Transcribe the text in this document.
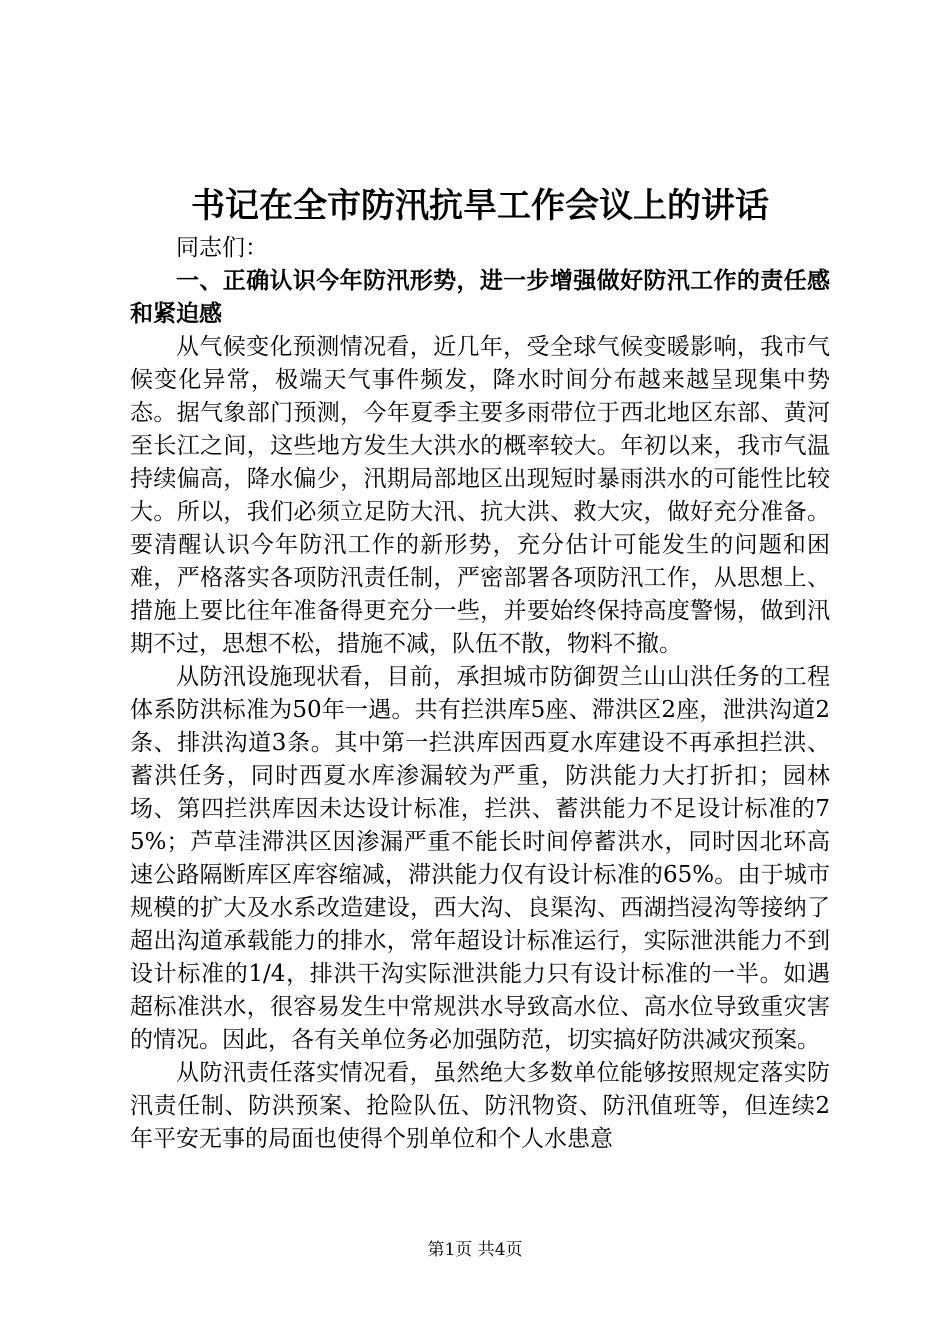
书记在全市防汛抗旱工作会议上的讲话

同志们：

一、正确认识今年防汛形势，进一步增强做好防汛工作的责任感和紧迫感

从气候变化预测情况看，近几年，受全球气候变暖影响，我市气候变化异常，极端天气事件频发，降水时间分布越来越呈现集中势态。据气象部门预测，今年夏季主要多雨带位于西北地区东部、黄河至长江之间，这些地方发生大洪水的概率较大。年初以来，我市气温持续偏高，降水偏少，汛期局部地区出现短时暴雨洪水的可能性比较大。所以，我们必须立足防大汛、抗大洪、救大灾，做好充分准备。要清醒认识今年防汛工作的新形势，充分估计可能发生的问题和困难，严格落实各项防汛责任制，严密部署各项防汛工作，从思想上、措施上要比往年准备得更充分一些，并要始终保持高度警惕，做到汛期不过，思想不松，措施不减，队伍不散，物料不撤。

从防汛设施现状看，目前，承担城市防御贺兰山山洪任务的工程体系防洪标准为50年一遇。共有拦洪库5座、滞洪区2座，泄洪沟道2条、排洪沟道3条。其中第一拦洪库因西夏水库建设不再承担拦洪、蓄洪任务，同时西夏水库渗漏较为严重，防洪能力大打折扣；园林场、第四拦洪库因未达设计标准，拦洪、蓄洪能力不足设计标准的75%；芦草洼滞洪区因渗漏严重不能长时间停蓄洪水，同时因北环高速公路隔断库区库容缩减，滞洪能力仅有设计标准的65%。由于城市规模的扩大及水系改造建设，西大沟、良渠沟、西湖挡浸沟等接纳了超出沟道承载能力的排水，常年超设计标准运行，实际泄洪能力不到设计标准的1/4，排洪干沟实际泄洪能力只有设计标准的一半。如遇超标准洪水，很容易发生中常规洪水导致高水位、高水位导致重灾害的情况。因此，各有关单位务必加强防范，切实搞好防洪减灾预案。

从防汛责任落实情况看，虽然绝大多数单位能够按照规定落实防汛责任制、防洪预案、抢险队伍、防汛物资、防汛值班等，但连续2年平安无事的局面也使得个别单位和个人水患意

第1页 共4页
